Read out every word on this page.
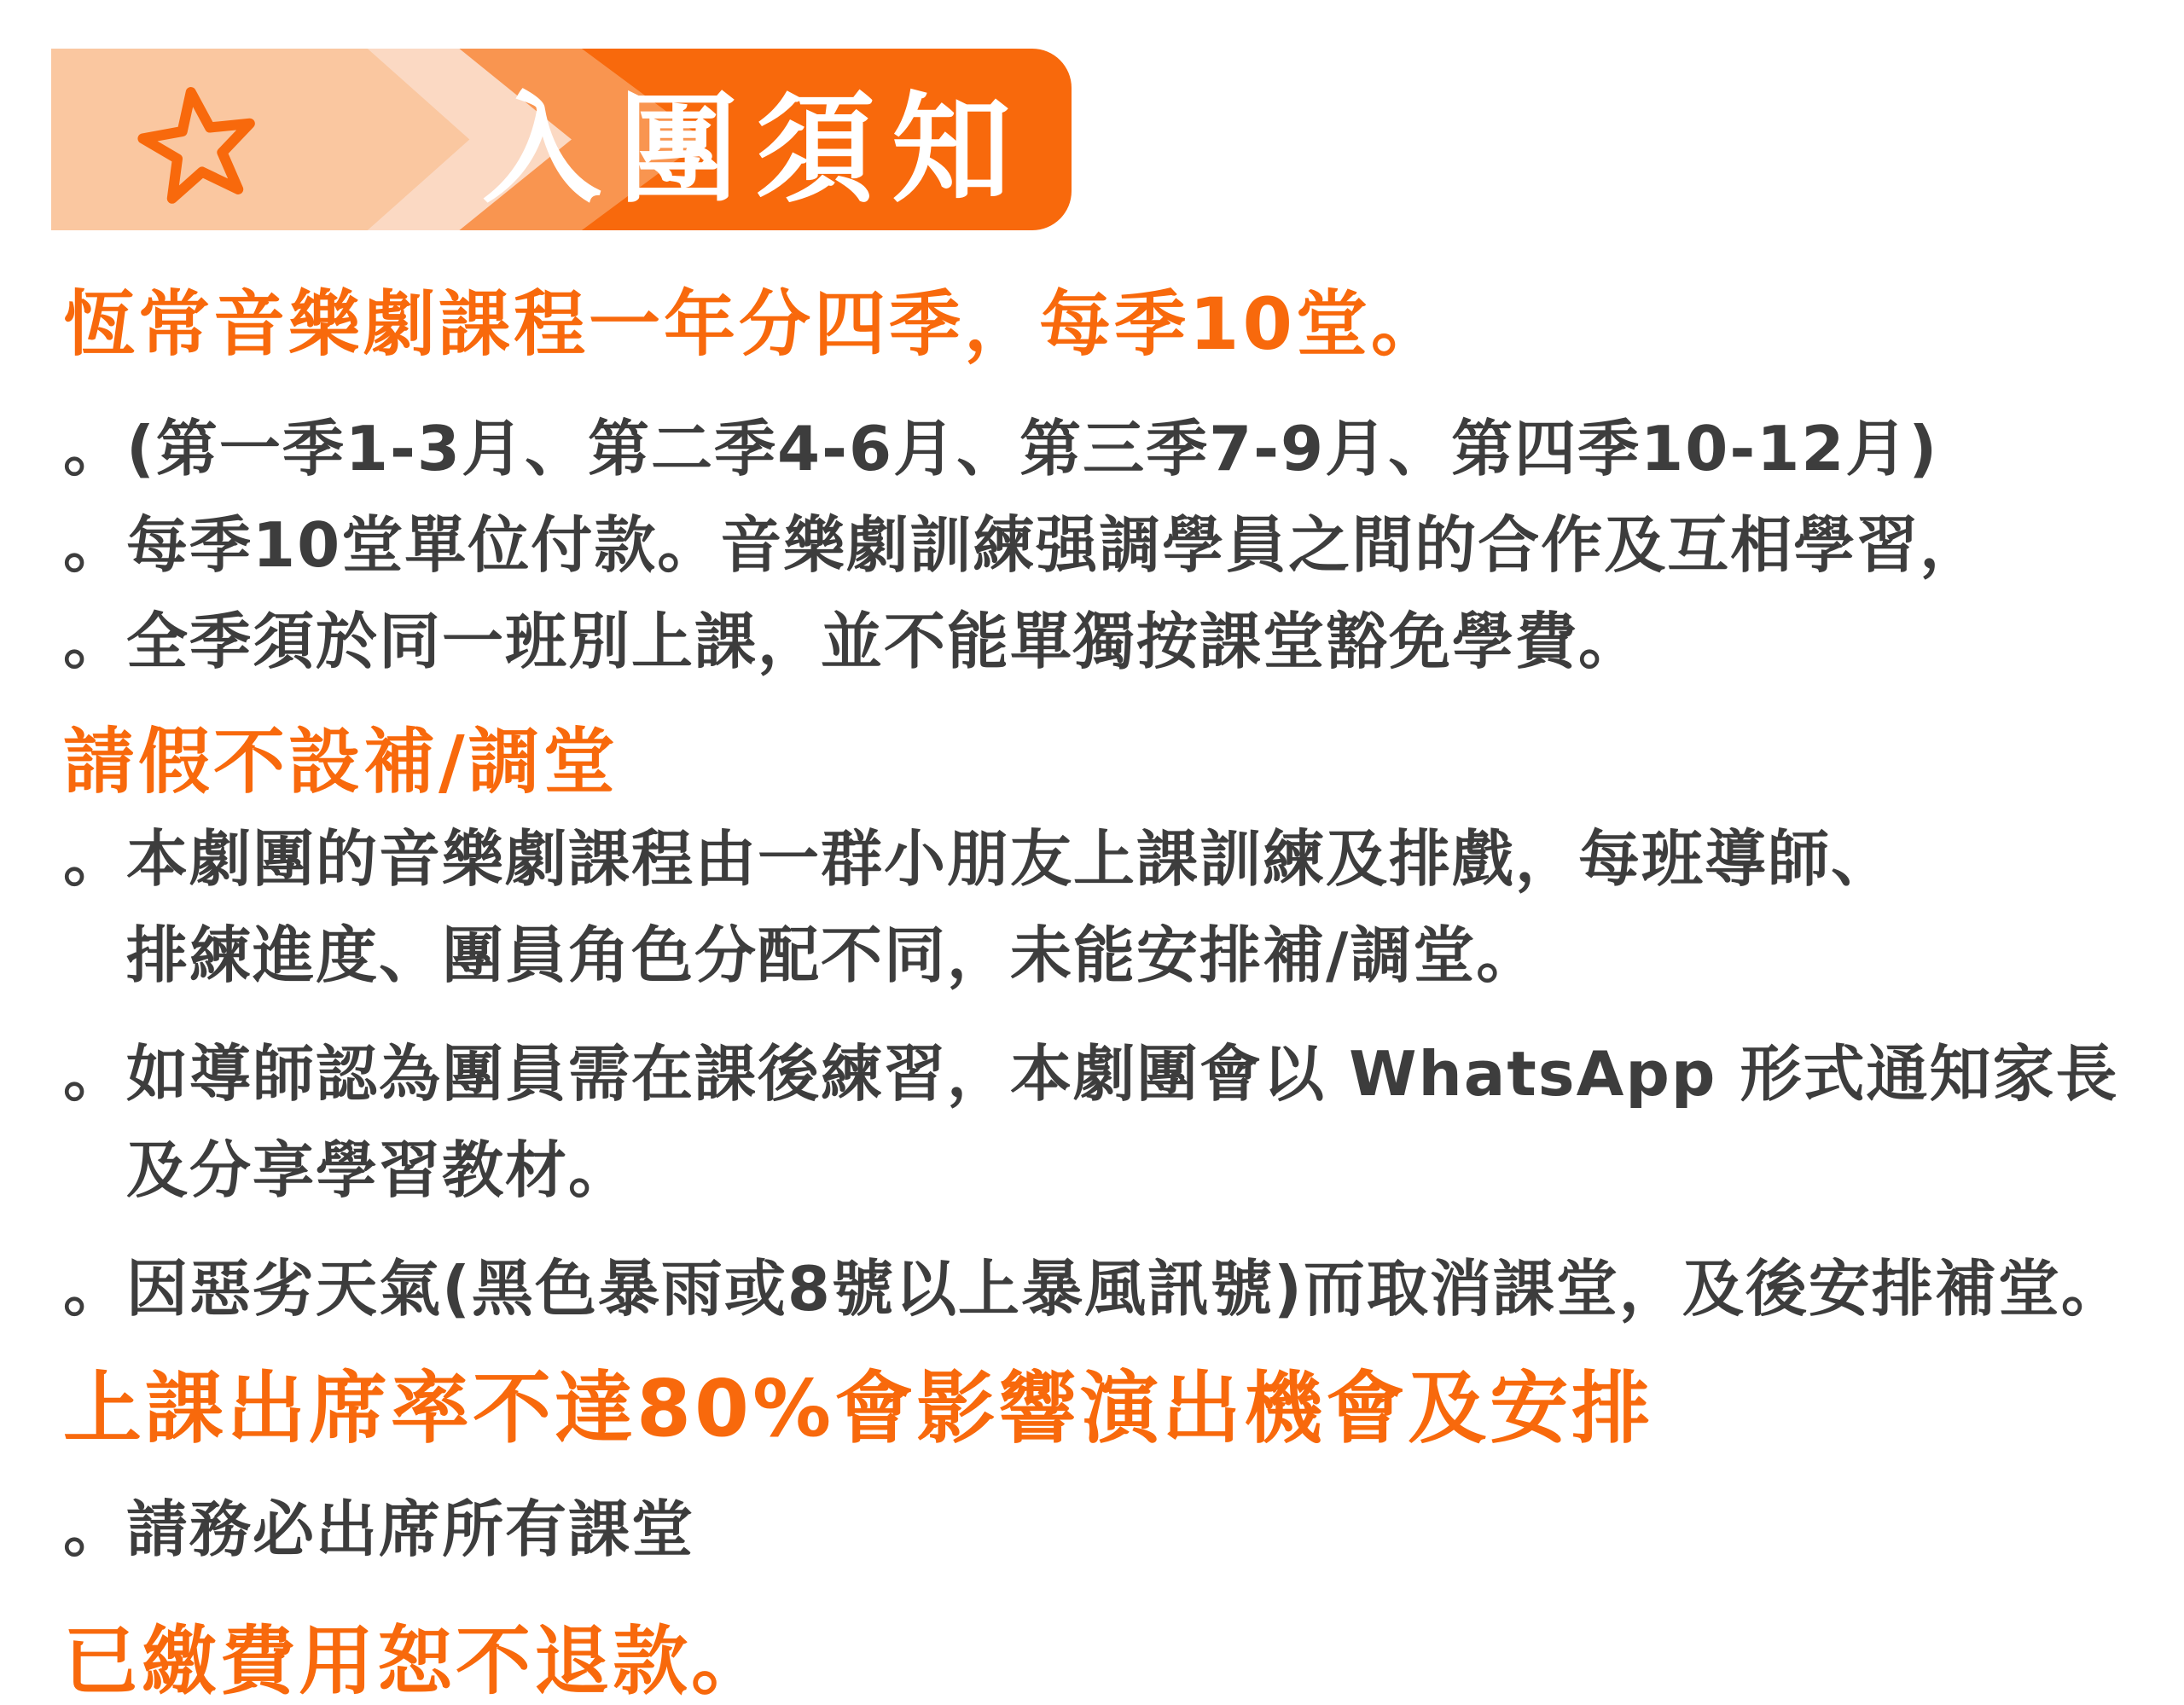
入團須知
恆常音樂劇課程一年分四季，每季10堂。
。(第一季1-3月、第二季4-6月、第三季7-9月、第四季10-12月)
。每季10堂單位付款。音樂劇訓練强調學員之間的合作及互相學習，
。全季須於同一班別上課，並不能單獨按課堂豁免學費。
請假不設補/調堂
。本劇團的音樂劇課程由一群小朋友上課訓練及排戲，每班導師、
排練進度、團員角色分配不同，未能安排補/調堂。
。如導師認為團員需在課後練習，本劇團會以 WhatsApp 形式通知家長
及分享學習教材。
。因惡劣天氣(黑色暴雨或8號以上暴風訊號)而取消課堂，及後安排補堂。
上課出席率不達80%會影響演出機會及安排
。請務必出席所有課堂
已繳費用恕不退款。
